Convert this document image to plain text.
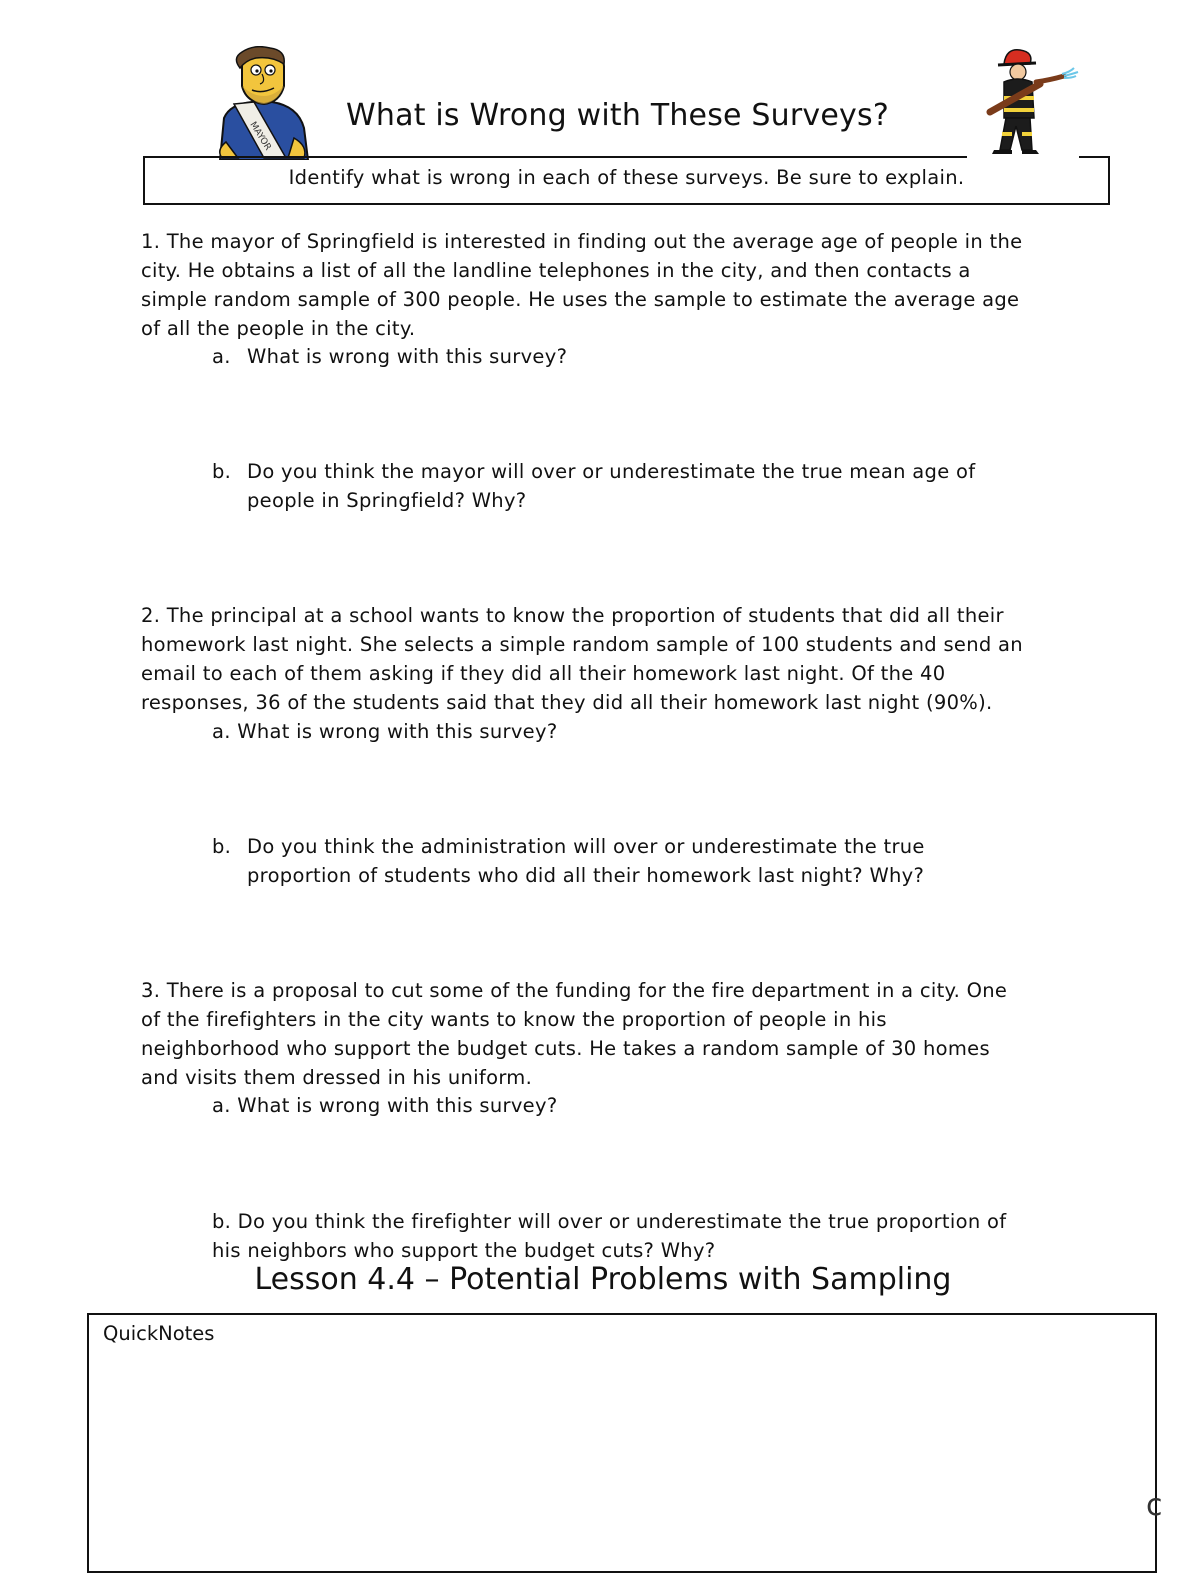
MAYOR
What is Wrong with These Surveys?
Identify what is wrong in each of these surveys. Be sure to explain.
1. The mayor of Springfield is interested in finding out the average age of people in the
city. He obtains a list of all the landline telephones in the city, and then contacts a
simple random sample of 300 people. He uses the sample to estimate the average age
of all the people in the city.
a. What is wrong with this survey?
b. Do you think the mayor will over or underestimate the true mean age of
people in Springfield? Why?
2. The principal at a school wants to know the proportion of students that did all their
homework last night. She selects a simple random sample of 100 students and send an
email to each of them asking if they did all their homework last night. Of the 40
responses, 36 of the students said that they did all their homework last night (90%).
a. What is wrong with this survey?
b. Do you think the administration will over or underestimate the true
proportion of students who did all their homework last night? Why?
3. There is a proposal to cut some of the funding for the fire department in a city. One
of the firefighters in the city wants to know the proportion of people in his
neighborhood who support the budget cuts. He takes a random sample of 30 homes
and visits them dressed in his uniform.
a. What is wrong with this survey?
b. Do you think the firefighter will over or underestimate the true proportion of
his neighbors who support the budget cuts? Why?
Lesson 4.4 – Potential Problems with Sampling
QuickNotes
c
